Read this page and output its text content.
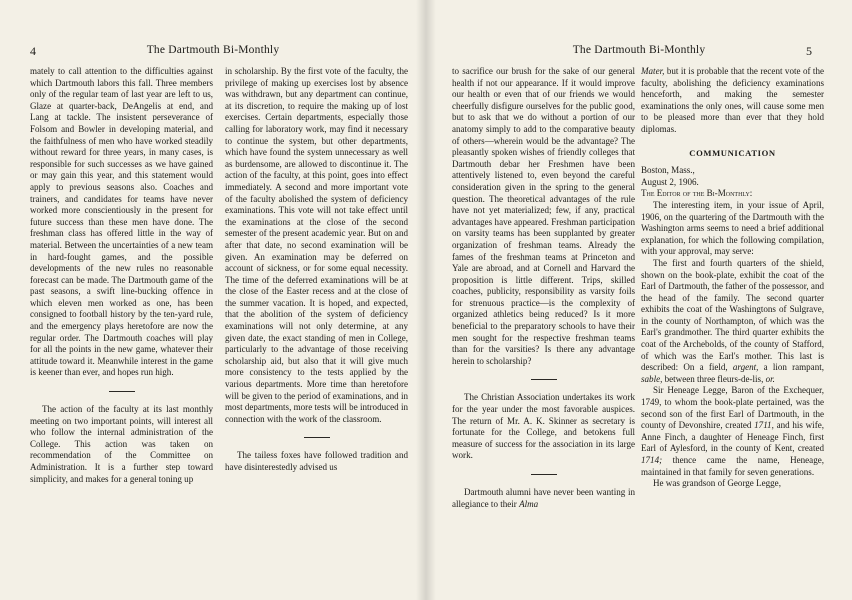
4	The Dartmouth Bi-Monthly

mately to call attention to the difficulties against which Dartmouth labors this fall. Three members only of the regular team of last year are left to us, Glaze at quarter-back, DeAngelis at end, and Lang at tackle. The insistent perseverance of Folsom and Bowler in developing material, and the faithfulness of men who have worked steadily without reward for three years, in many cases, is responsible for such successes as we have gained or may gain this year, and this statement would apply to previous seasons also. Coaches and trainers, and candidates for teams have never worked more conscientiously in the present for future success than these men have done. The freshman class has offered little in the way of material. Between the uncertainties of a new team in hard-fought games, and the possible developments of the new rules no reasonable forecast can be made. The Dartmouth game of the past seasons, a swift line-bucking offence in which eleven men worked as one, has been consigned to football history by the ten-yard rule, and the emergency plays heretofore are now the regular order. The Dartmouth coaches will play for all the points in the new game, whatever their attitude toward it. Meanwhile interest in the game is keener than ever, and hopes run high.

The action of the faculty at its last monthly meeting on two important points, will interest all who follow the internal administration of the College. This action was taken on recommendation of the Committee on Administration. It is a further step toward simplicity, and makes for a general toning up

in scholarship. By the first vote of the faculty, the privilege of making up exercises lost by absence was withdrawn, but any department can continue, at its discretion, to require the making up of lost exercises. Certain departments, especially those calling for laboratory work, may find it necessary to continue the system, but other departments, which have found the system unnecessary as well as burdensome, are allowed to discontinue it. The action of the faculty, at this point, goes into effect immediately. A second and more important vote of the faculty abolished the system of deficiency examinations. This vote will not take effect until the examinations at the close of the second semester of the present academic year. But on and after that date, no second examination will be given. An examination may be deferred on account of sickness, or for some equal necessity. The time of the deferred examinations will be at the close of the Easter recess and at the close of the summer vacation. It is hoped, and expected, that the abolition of the system of deficiency examinations will not only determine, at any given date, the exact standing of men in College, particularly to the advantage of those receiving scholarship aid, but also that it will give much more consistency to the tests applied by the various departments. More time than heretofore will be given to the period of examinations, and in most departments, more tests will be introduced in connection with the work of the classroom.

The tailess foxes have followed tradition and have disinterestedly advised us

The Dartmouth Bi-Monthly	5

to sacrifice our brush for the sake of our general health if not our appearance. If it would improve our health or even that of our friends we would cheerfully disfigure ourselves for the public good, but to ask that we do without a portion of our anatomy simply to add to the comparative beauty of others—wherein would be the advantage? The pleasantly spoken wishes of friendly colleges that Dartmouth debar her Freshmen have been attentively listened to, even beyond the careful consideration given in the spring to the general question. The theoretical advantages of the rule have not yet materialized; few, if any, practical advantages have appeared. Freshman participation on varsity teams has been supplanted by greater organization of freshman teams. Already the fames of the freshman teams at Princeton and Yale are abroad, and at Cornell and Harvard the proposition is little different. Trips, skilled coaches, publicity, responsibility as varsity foils for strenuous practice—is the complexity of organized athletics being reduced? Is it more beneficial to the preparatory schools to have their men sought for the respective freshman teams than for the varsities? Is there any advantage herein to scholarship?

The Christian Association undertakes its work for the year under the most favorable auspices. The return of Mr. A. K. Skinner as secretary is fortunate for the College, and betokens full measure of success for the association in its large work.

Dartmouth alumni have never been wanting in allegiance to their Alma

Mater, but it is probable that the recent vote of the faculty, abolishing the deficiency examinations henceforth, and making the semester examinations the only ones, will cause some men to be pleased more than ever that they hold diplomas.

COMMUNICATION

Boston, Mass.,

August 2, 1906.

The Editor of the Bi-Monthly:

The interesting item, in your issue of April, 1906, on the quartering of the Dartmouth with the Washington arms seems to need a brief additional explanation, for which the following compilation, with your approval, may serve:

The first and fourth quarters of the shield, shown on the book-plate, exhibit the coat of the Earl of Dartmouth, the father of the possessor, and the head of the family. The second quarter exhibits the coat of the Washingtons of Sulgrave, in the county of Northampton, of which was the Earl's grandmother. The third quarter exhibits the coat of the Archebolds, of the county of Stafford, of which was the Earl's mother. This last is described: On a field, argent, a lion rampant, sable, between three fleurs-de-lis, or.

Sir Heneage Legge, Baron of the Exchequer, 1749, to whom the book-plate pertained, was the second son of the first Earl of Dartmouth, in the county of Devonshire, created 1711, and his wife, Anne Finch, a daughter of Heneage Finch, first Earl of Aylesford, in the county of Kent, created 1714; thence came the name, Heneage, maintained in that family for seven generations.

He was grandson of George Legge,
